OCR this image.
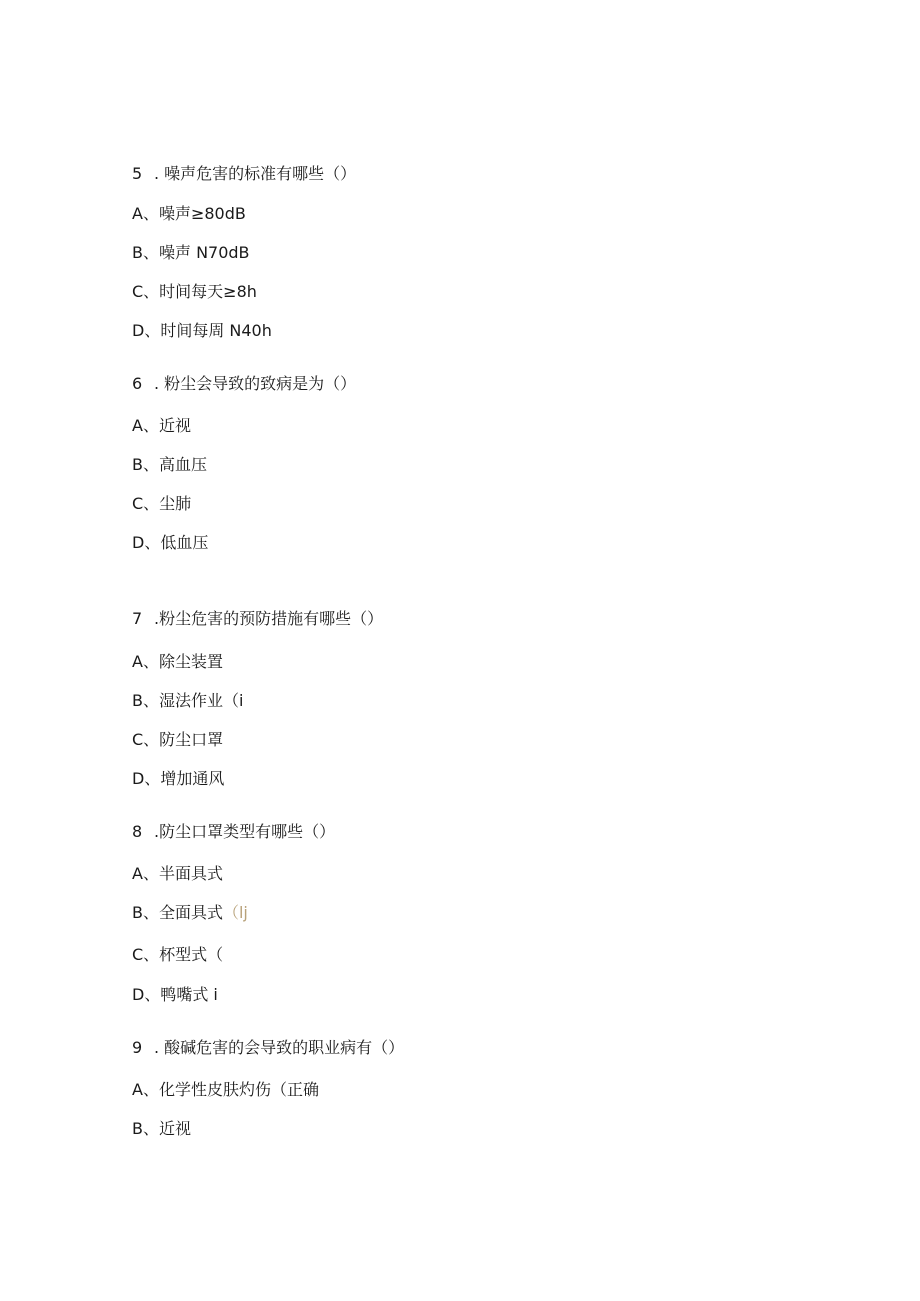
5 . 噪声危害的标准有哪些（）
A、噪声≥80dB
B、噪声 N70dB
C、时间每天≥8h
D、时间每周 N40h
6 . 粉尘会导致的致病是为（）
A、近视
B、高血压
C、尘肺
D、低血压
7 .粉尘危害的预防措施有哪些（）
A、除尘装置
B、湿法作业（i
C、防尘口罩
D、增加通风
8 .防尘口罩类型有哪些（）
A、半面具式
B、全面具式（lj
C、杯型式（
D、鸭嘴式 i
9 . 酸碱危害的会导致的职业病有（）
A、化学性皮肤灼伤（正确
B、近视
